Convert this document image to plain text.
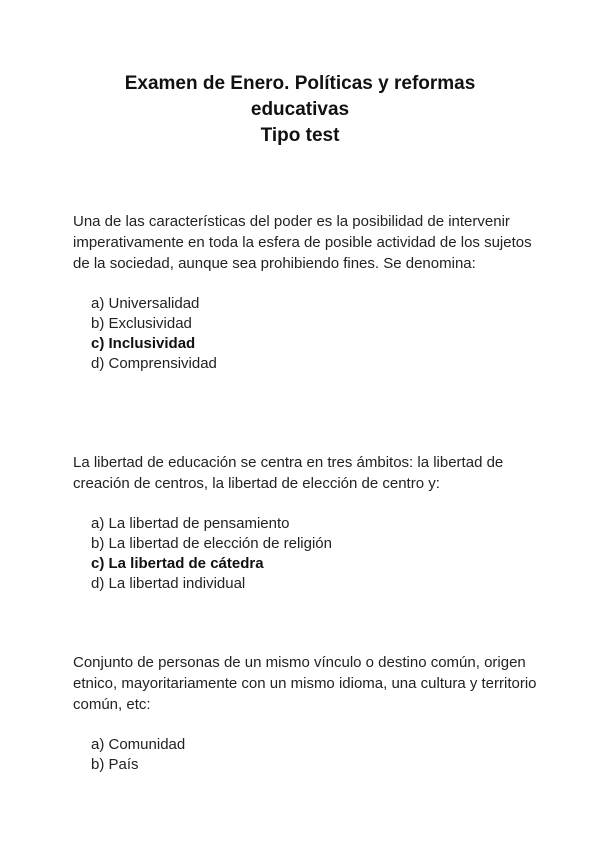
Examen de Enero. Políticas y reformas
educativas
Tipo test

Una de las características del poder es la posibilidad de intervenir imperativamente en toda la esfera de posible actividad de los sujetos de la sociedad, aunque sea prohibiendo fines. Se denomina:

a) Universalidad
b) Exclusividad
c) Inclusividad
d) Comprensividad

La libertad de educación se centra en tres ámbitos: la libertad de creación de centros, la libertad de elección de centro y:

a) La libertad de pensamiento
b) La libertad de elección de religión
c) La libertad de cátedra
d) La libertad individual

Conjunto de personas de un mismo vínculo o destino común, origen etnico, mayoritariamente con un mismo idioma, una cultura y territorio común, etc:

a) Comunidad
b) País
